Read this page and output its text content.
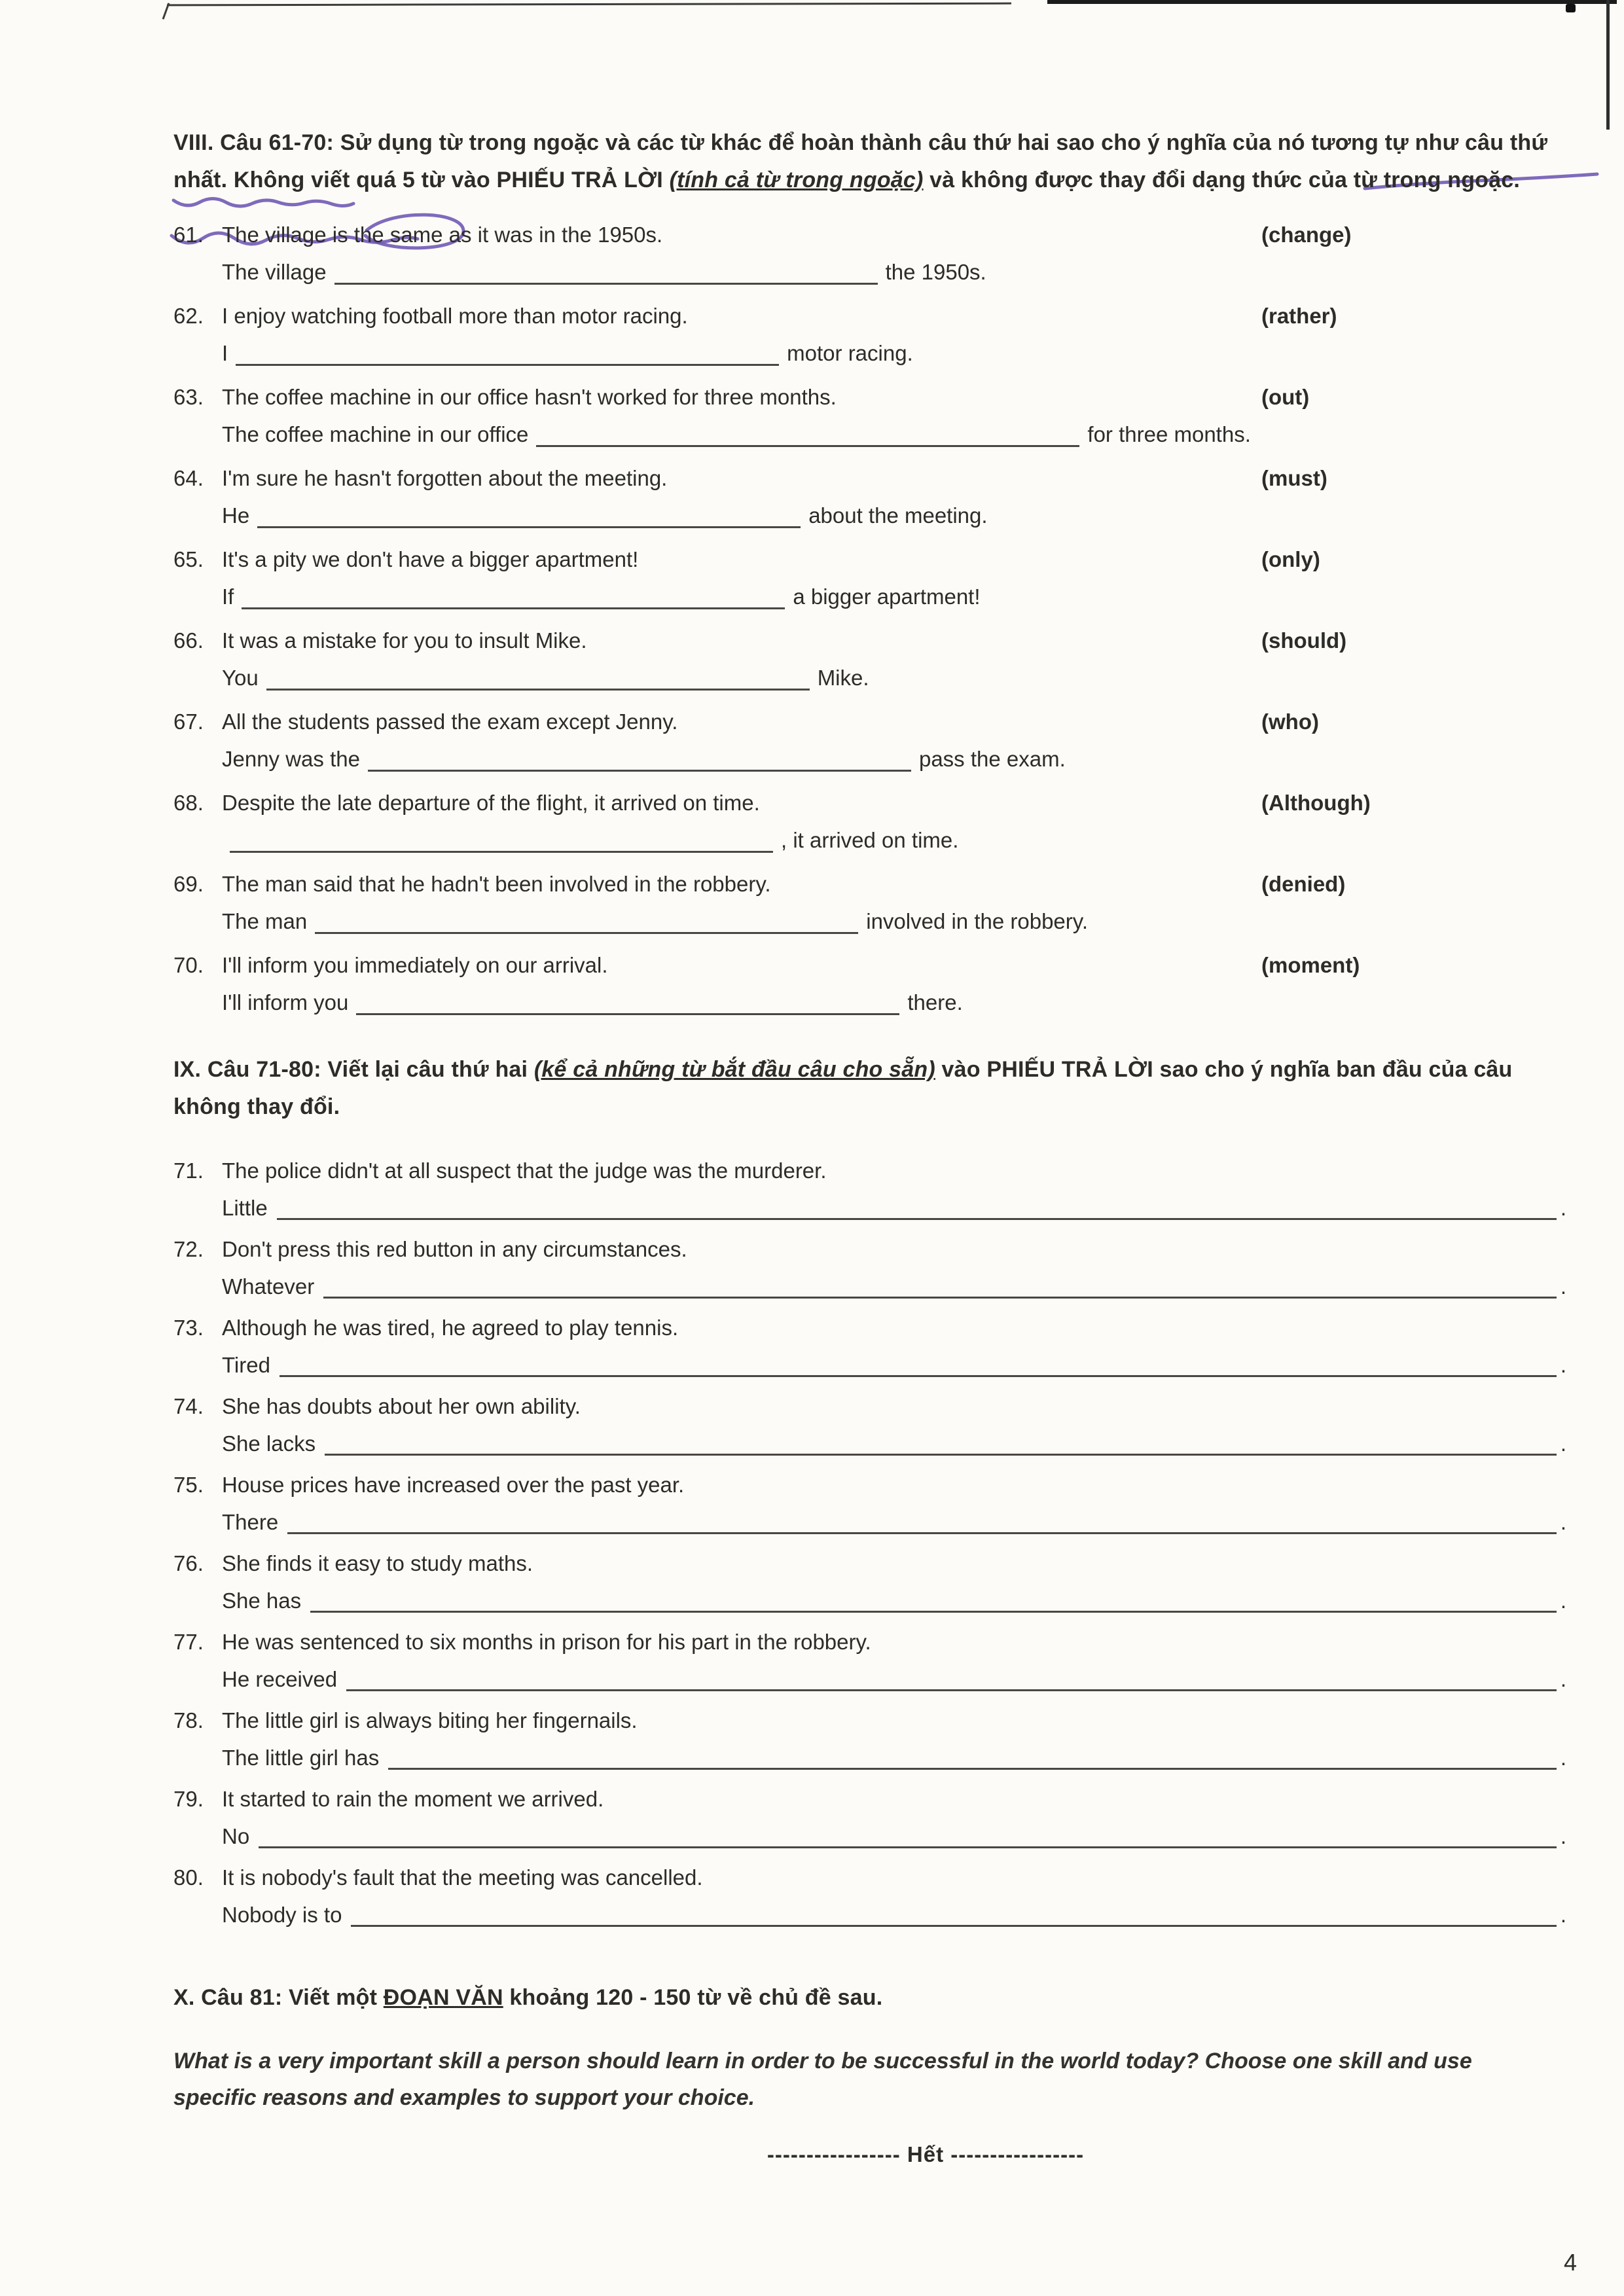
VIII. Câu 61-70: Sử dụng từ trong ngoặc và các từ khác để hoàn thành câu thứ hai sao cho ý nghĩa của nó tương tự như câu thứ nhất. Không viết quá 5 từ vào PHIẾU TRẢ LỜI (tính cả từ trong ngoặc) và không được thay đổi dạng thức của từ trong ngoặc.

61. The village is the same as it was in the 1950s.	(change)
The village	the 1950s.
62. I enjoy watching football more than motor racing.	(rather)
I	motor racing.
63. The coffee machine in our office hasn't worked for three months.	(out)
The coffee machine in our office	for three months.
64. I'm sure he hasn't forgotten about the meeting.	(must)
He	about the meeting.
65. It's a pity we don't have a bigger apartment!	(only)
If	a bigger apartment!
66. It was a mistake for you to insult Mike.	(should)
You	Mike.
67. All the students passed the exam except Jenny.	(who)
Jenny was the	pass the exam.
68. Despite the late departure of the flight, it arrived on time.	(Although)
, it arrived on time.
69. The man said that he hadn't been involved in the robbery.	(denied)
The man	involved in the robbery.
70. I'll inform you immediately on our arrival.	(moment)
I'll inform you	there.

IX. Câu 71-80: Viết lại câu thứ hai (kể cả những từ bắt đầu câu cho sẵn) vào PHIẾU TRẢ LỜI sao cho ý nghĩa ban đầu của câu không thay đổi.

71. The police didn't at all suspect that the judge was the murderer.
Little	.
72. Don't press this red button in any circumstances.
Whatever	.
73. Although he was tired, he agreed to play tennis.
Tired	.
74. She has doubts about her own ability.
She lacks	.
75. House prices have increased over the past year.
There	.
76. She finds it easy to study maths.
She has	.
77. He was sentenced to six months in prison for his part in the robbery.
He received	.
78. The little girl is always biting her fingernails.
The little girl has	.
79. It started to rain the moment we arrived.
No	.
80. It is nobody's fault that the meeting was cancelled.
Nobody is to	.

X. Câu 81: Viết một ĐOẠN VĂN khoảng 120 - 150 từ về chủ đề sau.

What is a very important skill a person should learn in order to be successful in the world today? Choose one skill and use specific reasons and examples to support your choice.

----------------- Hết -----------------

4
